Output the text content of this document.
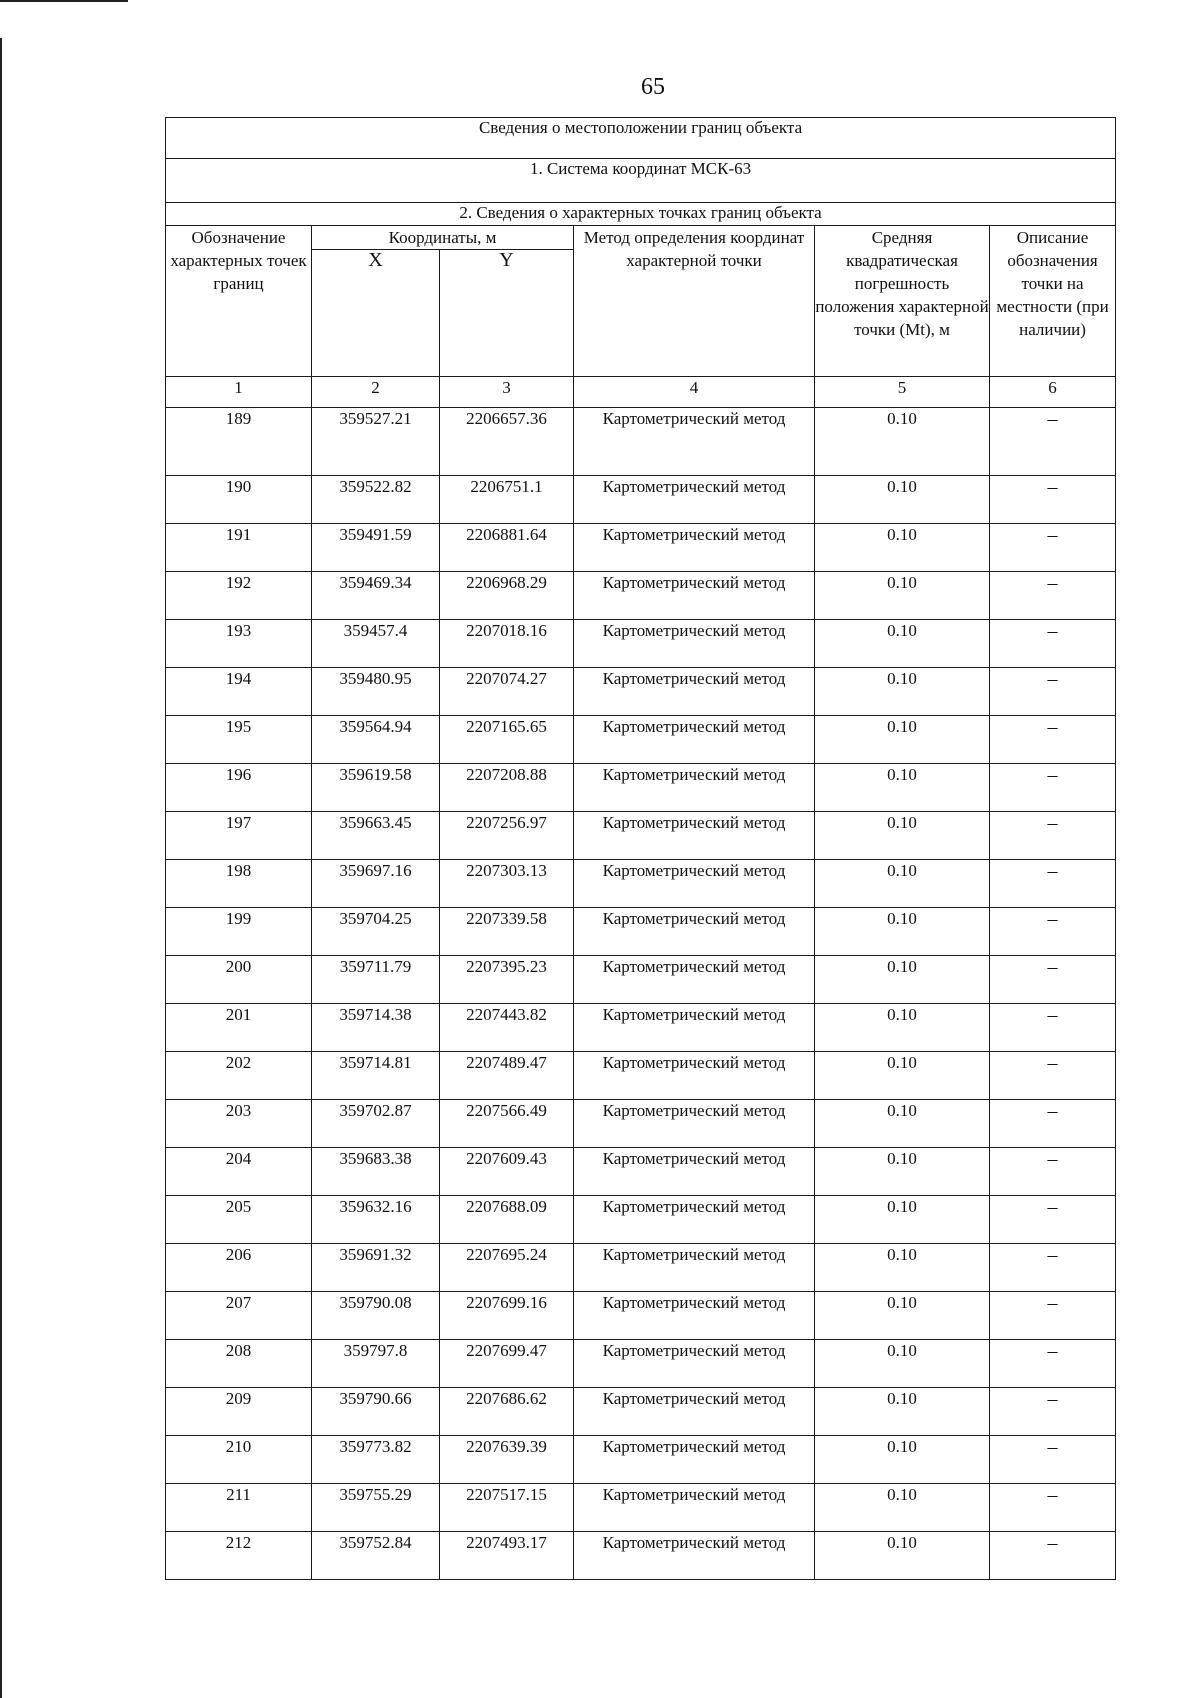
65
Сведения о местоположении границ объекта					
1. Система координат МСК-63					
2. Сведения о характерных точках границ объекта					
Обозначение характерных точек границ	Координаты, м		Метод определения координат характерной точки	Средняя квадратическая погрешность положения характерной точки (Mt), м	Описание обозначения точки на местности (при наличии)
	X	Y			
1	2	3	4	5	6
189	359527.21	2206657.36	Картометрический метод	0.10	–
190	359522.82	2206751.1	Картометрический метод	0.10	–
191	359491.59	2206881.64	Картометрический метод	0.10	–
192	359469.34	2206968.29	Картометрический метод	0.10	–
193	359457.4	2207018.16	Картометрический метод	0.10	–
194	359480.95	2207074.27	Картометрический метод	0.10	–
195	359564.94	2207165.65	Картометрический метод	0.10	–
196	359619.58	2207208.88	Картометрический метод	0.10	–
197	359663.45	2207256.97	Картометрический метод	0.10	–
198	359697.16	2207303.13	Картометрический метод	0.10	–
199	359704.25	2207339.58	Картометрический метод	0.10	–
200	359711.79	2207395.23	Картометрический метод	0.10	–
201	359714.38	2207443.82	Картометрический метод	0.10	–
202	359714.81	2207489.47	Картометрический метод	0.10	–
203	359702.87	2207566.49	Картометрический метод	0.10	–
204	359683.38	2207609.43	Картометрический метод	0.10	–
205	359632.16	2207688.09	Картометрический метод	0.10	–
206	359691.32	2207695.24	Картометрический метод	0.10	–
207	359790.08	2207699.16	Картометрический метод	0.10	–
208	359797.8	2207699.47	Картометрический метод	0.10	–
209	359790.66	2207686.62	Картометрический метод	0.10	–
210	359773.82	2207639.39	Картометрический метод	0.10	–
211	359755.29	2207517.15	Картометрический метод	0.10	–
212	359752.84	2207493.17	Картометрический метод	0.10	–
